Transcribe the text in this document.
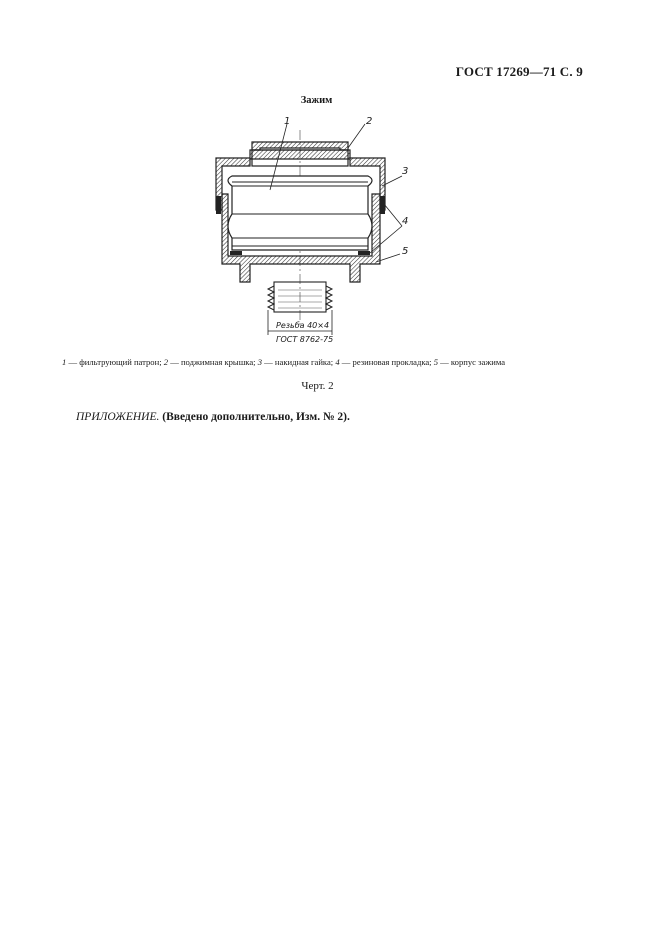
ГОСТ 17269—71 С. 9
Зажим
Резьба 40×4
ГОСТ 8762-75
1	2
3
4
5
1 — фильтрующий патрон; 2 — поджимная крышка; 3 — накидная гайка; 4 — резиновая прокладка; 5 — корпус зажима
Черт. 2
ПРИЛОЖЕНИЕ. (Введено дополнительно, Изм. № 2).
